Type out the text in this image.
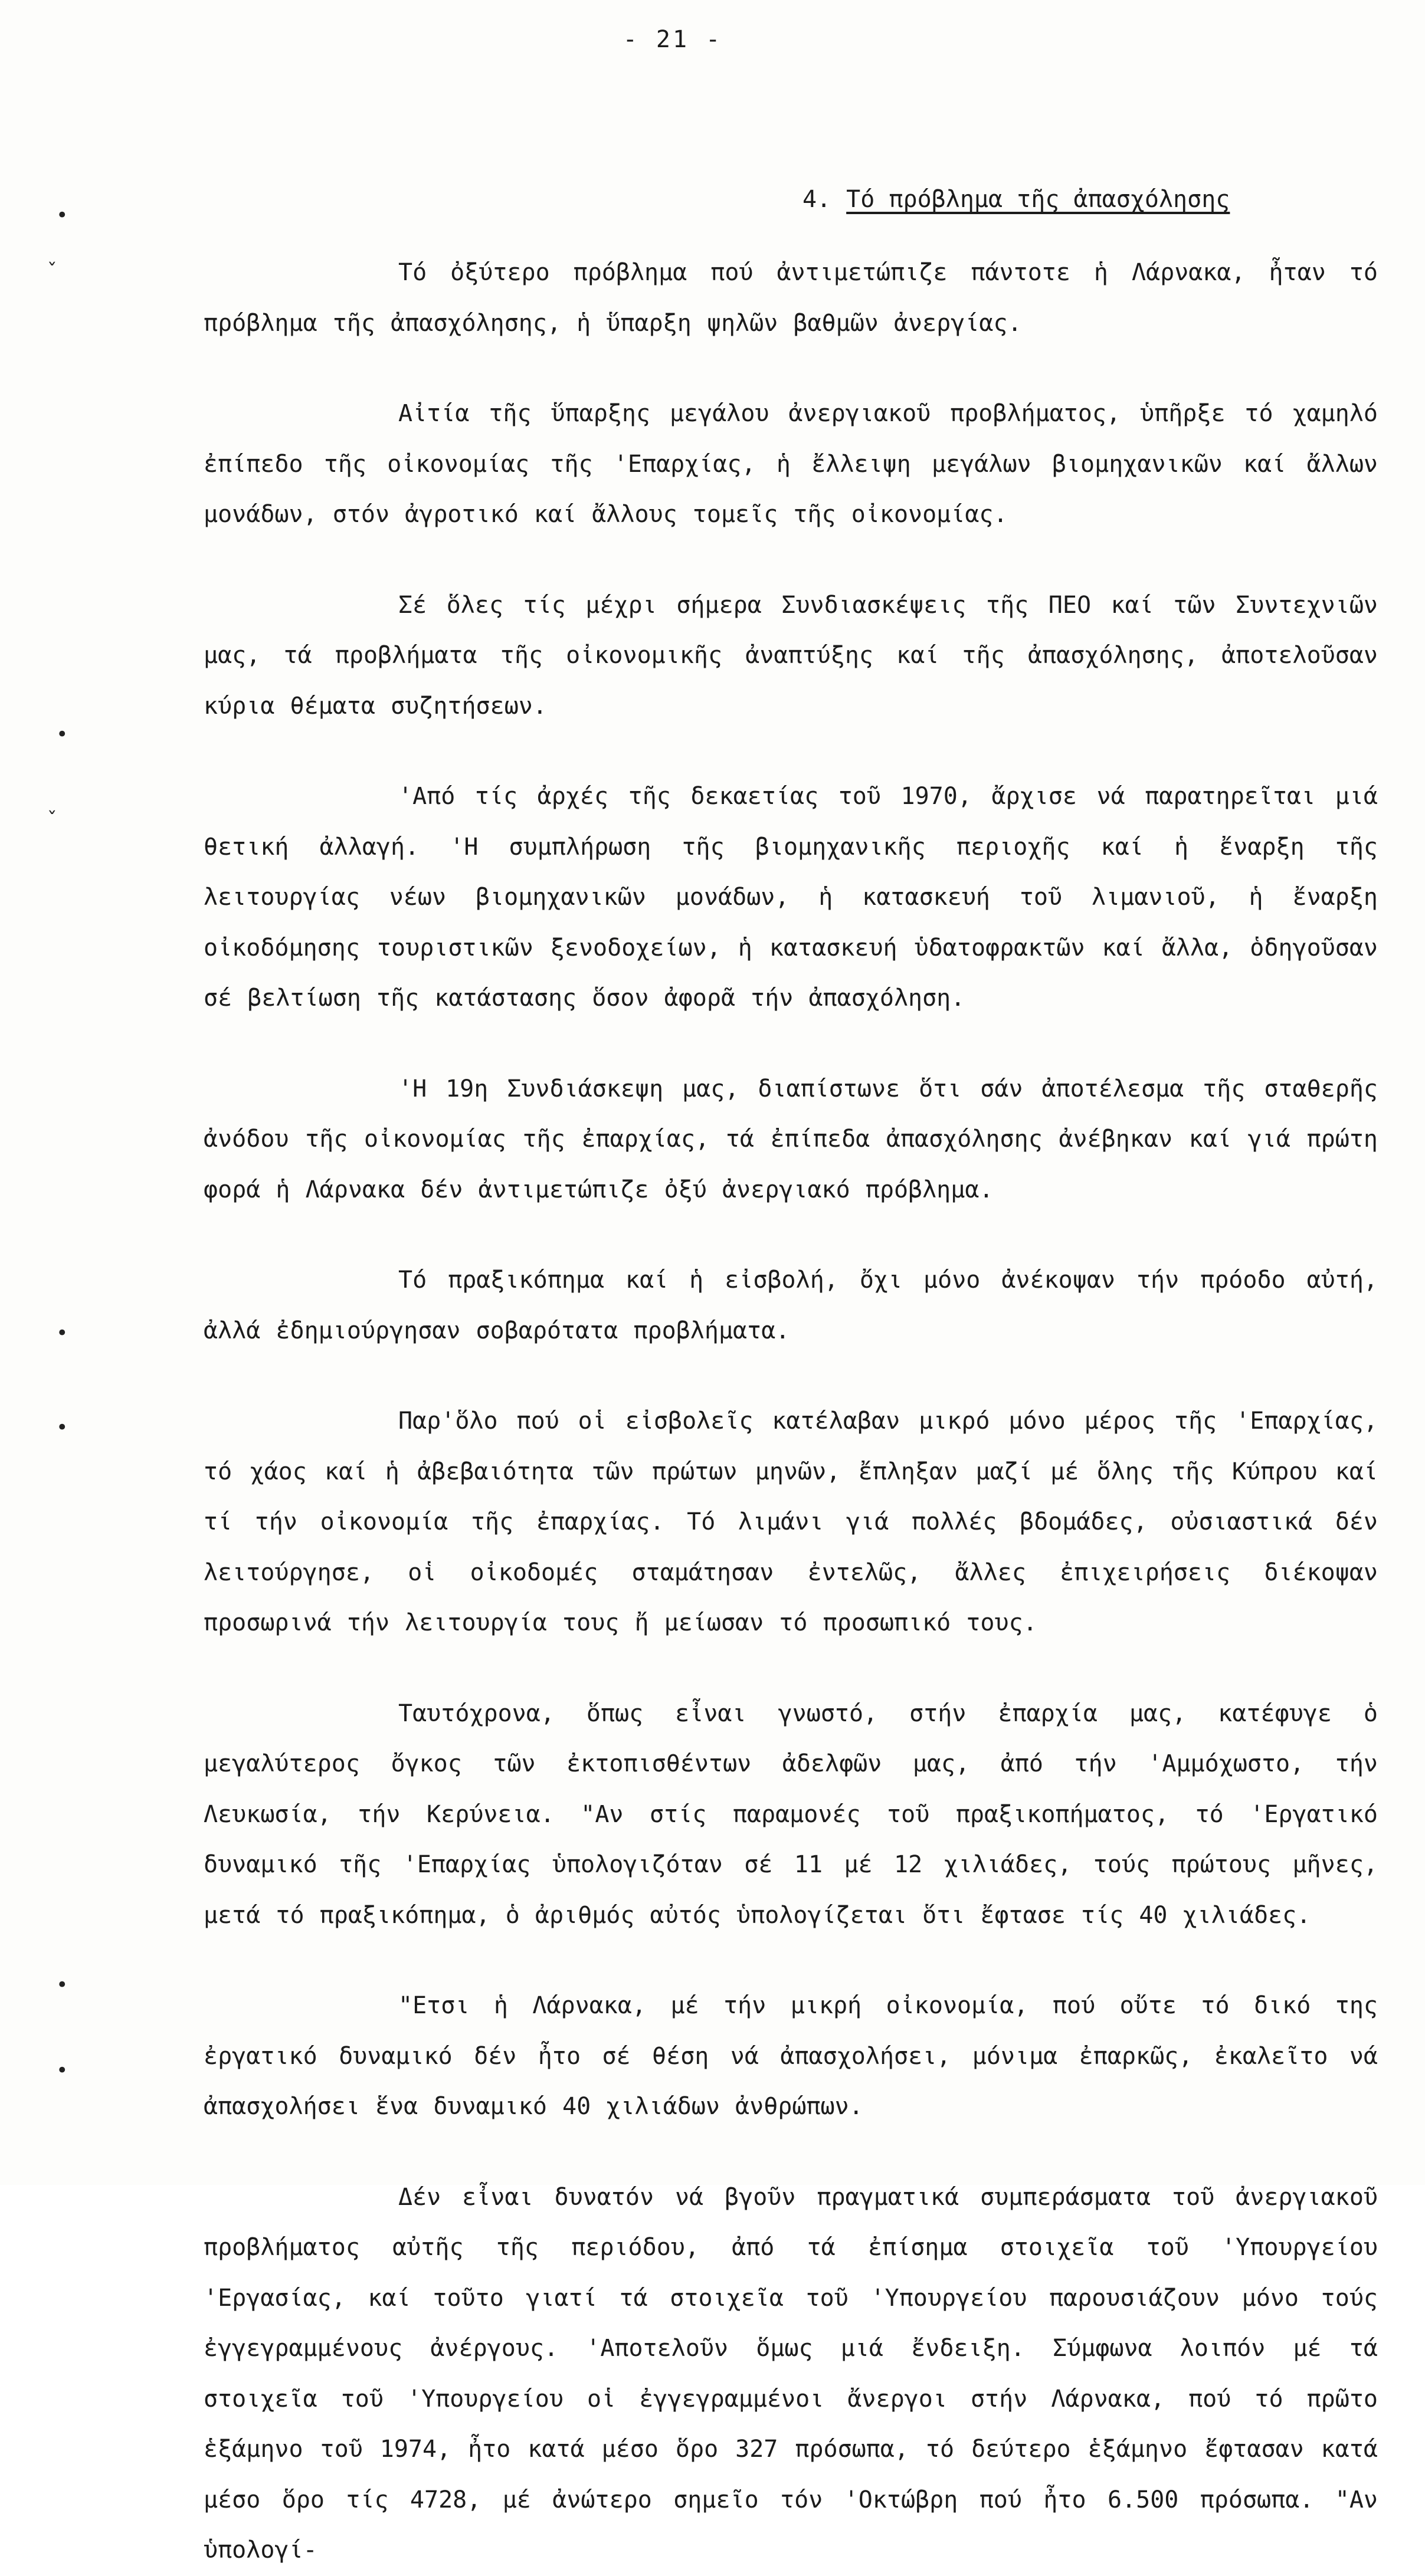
- 21 -
4. Τό πρόβλημα τῆς ἀπασχόλησης
•
ˇ
•
ˇ
•
•
•
•

Τό ὀξύτερο πρόβλημα πού ἀντιμετώπιζε πάντοτε ἡ Λάρνακα, ἦταν τό πρόβλημα τῆς ἀπασχόλησης, ἡ ὕπαρξη ψηλῶν βαθμῶν ἀνεργίας.

Αἰτία τῆς ὕπαρξης μεγάλου ἀνεργιακοῦ προβλήματος, ὑπῆρξε τό χαμηλό ἐπίπεδο τῆς οἰκονομίας τῆς 'Επαρχίας, ἡ ἔλλειψη μεγάλων βιομηχανικῶν καί ἄλλων μονάδων, στόν ἀγροτικό καί ἄλλους τομεῖς τῆς οἰκονομίας.

Σέ ὅλες τίς μέχρι σήμερα Συνδιασκέψεις τῆς ΠΕΟ καί τῶν Συντεχνιῶν μας, τά προβλήματα τῆς οἰκονομικῆς ἀναπτύξης καί τῆς ἀπασχόλησης, ἀποτελοῦσαν κύρια θέματα συζητήσεων.

'Από τίς ἀρχές τῆς δεκαετίας τοῦ 1970, ἄρχισε νά παρατηρεῖται μιά θετική ἀλλαγή. 'Η συμπλήρωση τῆς βιομηχανικῆς περιοχῆς καί ἡ ἔναρξη τῆς λειτουργίας νέων βιομηχανικῶν μονάδων, ἡ κατασκευή τοῦ λιμανιοῦ, ἡ ἔναρξη οἰκοδόμησης τουριστικῶν ξενοδοχείων, ἡ κατασκευή ὑδατοφρακτῶν καί ἄλλα, ὁδηγοῦσαν σέ βελτίωση τῆς κατάστασης ὅσον ἀφορᾶ τήν ἀπασχόληση.

'Η 19η Συνδιάσκεψη μας, διαπίστωνε ὅτι σάν ἀποτέλεσμα τῆς σταθερῆς ἀνόδου τῆς οἰκονομίας τῆς ἐπαρχίας, τά ἐπίπεδα ἀπασχόλησης ἀνέβηκαν καί γιά πρώτη φορά ἡ Λάρνακα δέν ἀντιμετώπιζε ὀξύ ἀνεργιακό πρόβλημα.

Τό πραξικόπημα καί ἡ εἰσβολή, ὄχι μόνο ἀνέκοψαν τήν πρόοδο αὐτή, ἀλλά ἐδημιούργησαν σοβαρότατα προβλήματα.

Παρ'ὅλο πού οἱ εἰσβολεῖς κατέλαβαν μικρό μόνο μέρος τῆς 'Επαρχίας, τό χάος καί ἡ ἀβεβαιότητα τῶν πρώτων μηνῶν, ἔπληξαν μαζί μέ ὅλης τῆς Κύπρου καί τί τήν οἰκονομία τῆς ἐπαρχίας. Τό λιμάνι γιά πολλές βδομάδες, οὐσιαστικά δέν λειτούργησε, οἱ οἰκοδομές σταμάτησαν ἐντελῶς, ἄλλες ἐπιχειρήσεις διέκοψαν προσωρινά τήν λειτουργία τους ἤ μείωσαν τό προσωπικό τους.

Ταυτόχρονα, ὅπως εἶναι γνωστό, στήν ἐπαρχία μας, κατέφυγε ὁ μεγαλύτερος ὄγκος τῶν ἐκτοπισθέντων ἀδελφῶν μας, ἀπό τήν 'Αμμόχωστο, τήν Λευκωσία, τήν Κερύνεια. "Αν στίς παραμονές τοῦ πραξικοπήματος, τό 'Εργατικό δυναμικό τῆς 'Επαρχίας ὑπολογιζόταν σέ 11 μέ 12 χιλιάδες, τούς πρώτους μῆνες, μετά τό πραξικόπημα, ὁ ἀριθμός αὐτός ὑπολογίζεται ὅτι ἔφτασε τίς 40 χιλιάδες.

"Ετσι ἡ Λάρνακα, μέ τήν μικρή οἰκονομία, πού οὔτε τό δικό της ἐργατικό δυναμικό δέν ἦτο σέ θέση νά ἀπασχολήσει, μόνιμα ἐπαρκῶς, ἐκαλεῖτο νά ἀπασχολήσει ἕνα δυναμικό 40 χιλιάδων ἀνθρώπων.

Δέν εἶναι δυνατόν νά βγοῦν πραγματικά συμπεράσματα τοῦ ἀνεργιακοῦ προβλήματος αὐτῆς τῆς περιόδου, ἀπό τά ἐπίσημα στοιχεῖα τοῦ 'Υπουργείου 'Εργασίας, καί τοῦτο γιατί τά στοιχεῖα τοῦ 'Υπουργείου παρουσιάζουν μόνο τούς ἐγγεγραμμένους ἀνέργους. 'Αποτελοῦν ὅμως μιά ἔνδειξη. Σύμφωνα λοιπόν μέ τά στοιχεῖα τοῦ 'Υπουργείου οἱ ἐγγεγραμμένοι ἄνεργοι στήν Λάρνακα, πού τό πρῶτο ἑξάμηνο τοῦ 1974, ἦτο κατά μέσο ὅρο 327 πρόσωπα, τό δεύτερο ἑξάμηνο ἔφτασαν κατά μέσο ὅρο τίς 4728, μέ ἀνώτερο σημεῖο τόν 'Οκτώβρη πού ἦτο 6.500 πρόσωπα. "Αν ὑπολογί-
